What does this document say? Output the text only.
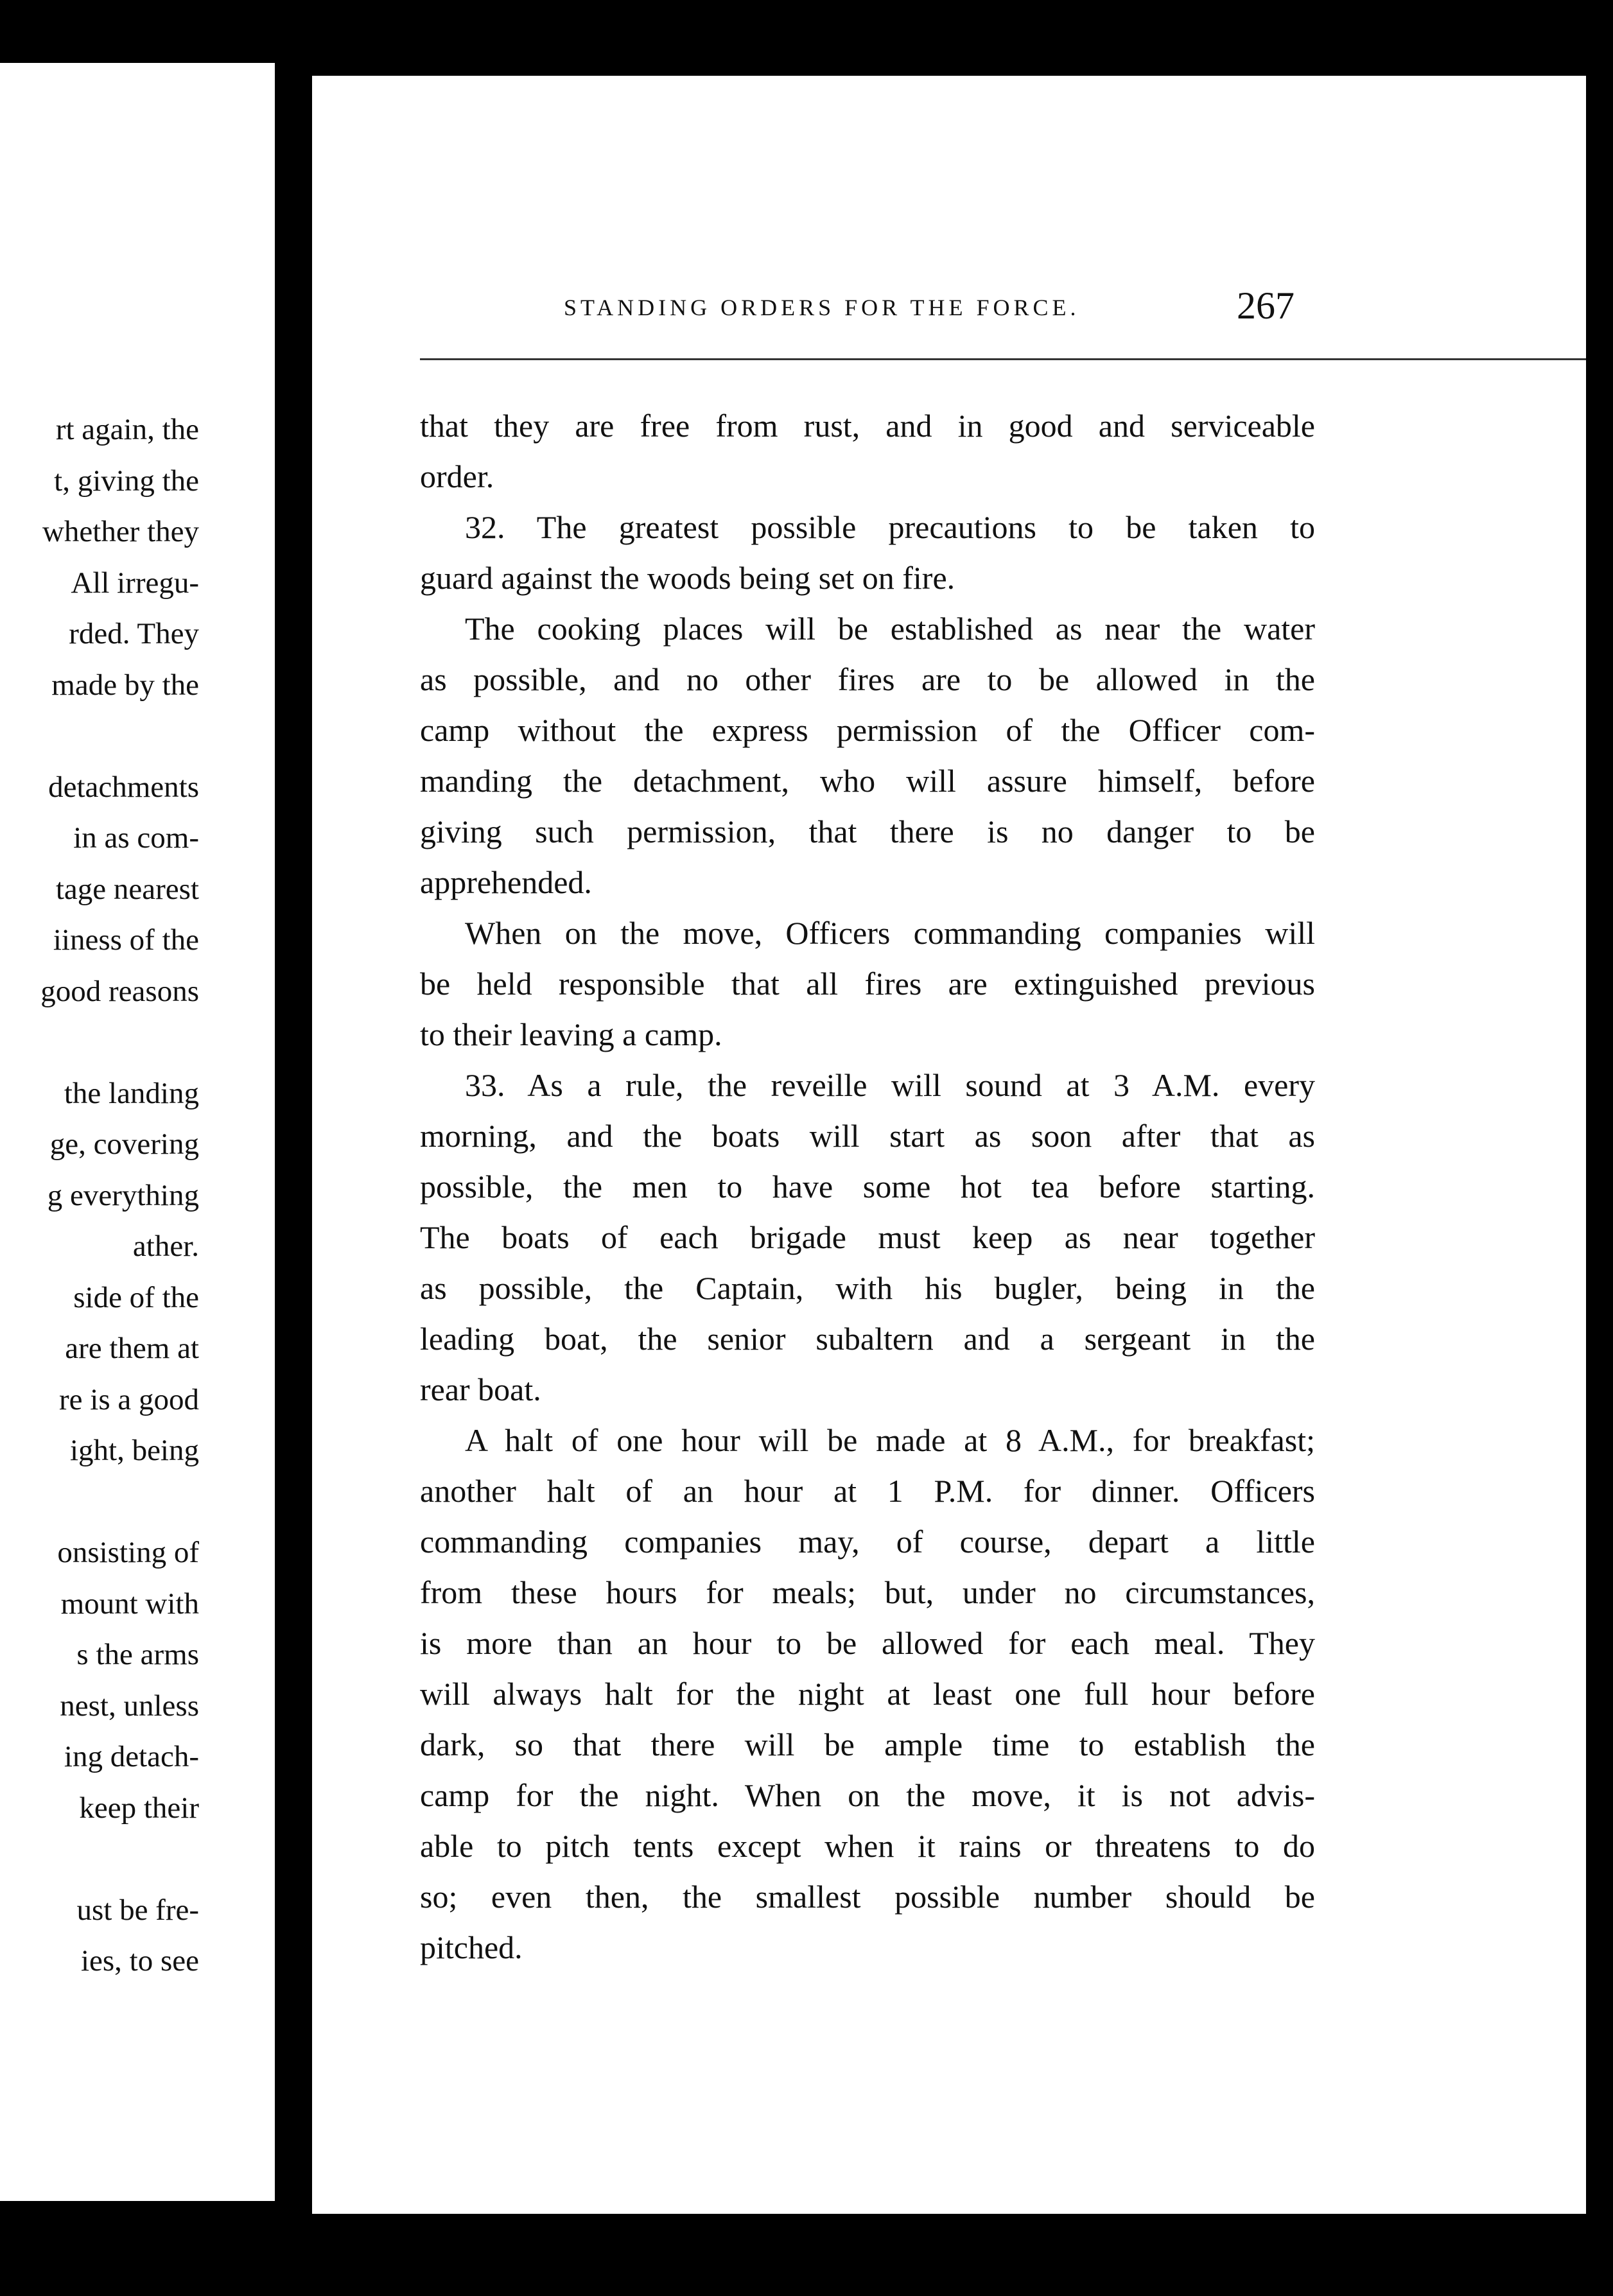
rt again, the
t, giving the
whether they
All irregu-
rded. They
made by the
detachments
in as com-
tage nearest
iiness of the
good reasons
the landing
ge, covering
g everything
ather.
side of the
are them at
re is a good
ight, being
onsisting of
mount with
s the arms
nest, unless
ing detach-
keep their
ust be fre-
ies, to see
STANDING ORDERS FOR THE FORCE.	267
that they are free from rust, and in good and serviceable
order.
32. The greatest possible precautions to be taken to
guard against the woods being set on fire.
The cooking places will be established as near the water
as possible, and no other fires are to be allowed in the
camp without the express permission of the Officer com-
manding the detachment, who will assure himself, before
giving such permission, that there is no danger to be
apprehended.
When on the move, Officers commanding companies will
be held responsible that all fires are extinguished previous
to their leaving a camp.
33. As a rule, the reveille will sound at 3 A.M. every
morning, and the boats will start as soon after that as
possible, the men to have some hot tea before starting.
The boats of each brigade must keep as near together
as possible, the Captain, with his bugler, being in the
leading boat, the senior subaltern and a sergeant in the
rear boat.
A halt of one hour will be made at 8 A.M., for breakfast;
another halt of an hour at 1 P.M. for dinner. Officers
commanding companies may, of course, depart a little
from these hours for meals; but, under no circumstances,
is more than an hour to be allowed for each meal. They
will always halt for the night at least one full hour before
dark, so that there will be ample time to establish the
camp for the night. When on the move, it is not advis-
able to pitch tents except when it rains or threatens to do
so; even then, the smallest possible number should be
pitched.
